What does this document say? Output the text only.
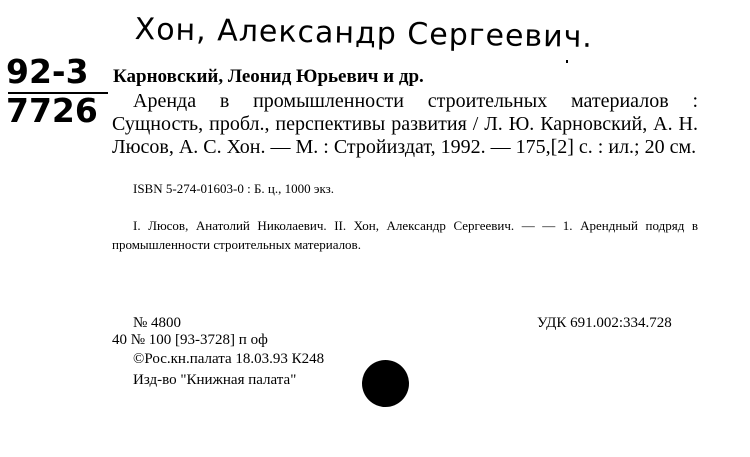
Хон, Александр Сергеевич.
92-3
7726
Карновский, Леонид Юрьевич и др.
Аренда в промышленности строительных материалов : Сущность, пробл., перспективы развития / Л. Ю. Карновский, А. Н. Люсов, А. С. Хон. — М. : Стройиздат, 1992. — 175,[2] с. : ил.; 20 см.
ISBN 5-274-01603-0 : Б. ц., 1000 экз.
I. Люсов, Анатолий Николаевич. II. Хон, Александр Сергеевич. — — 1. Арендный подряд в промышленности строительных материалов.
№ 4800	УДК 691.002:334.728
40 № 100 [93-3728] п оф
©Рос.кн.палата 18.03.93 К248
Изд-во "Книжная палата"
